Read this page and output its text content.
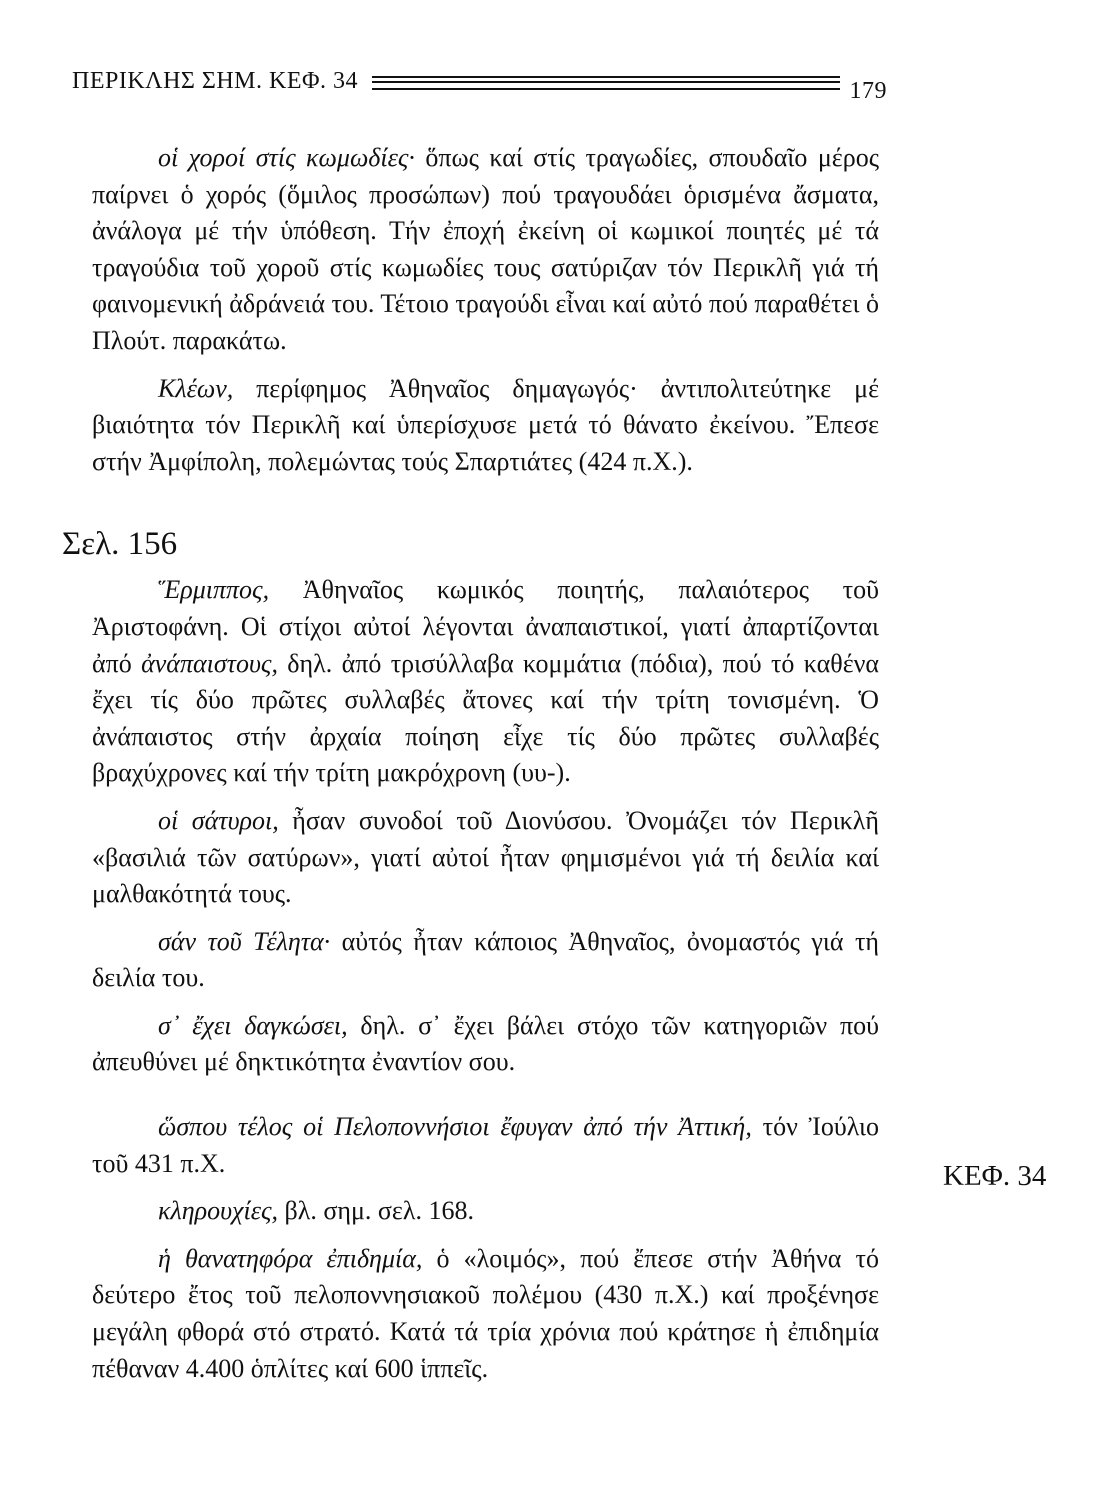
ΠΕΡΙΚΛΗΣ ΣΗΜ. ΚΕΦ. 34	179

οἱ χοροί στίς κωμωδίες· ὅπως καί στίς τραγωδίες, σπουδαῖο μέρος παίρνει ὁ χορός (ὅμιλος προσώπων) πού τραγουδάει ὁρισμένα ἄσματα, ἀνάλογα μέ τήν ὑπόθεση. Τήν ἐποχή ἐκείνη οἱ κωμικοί ποιητές μέ τά τραγούδια τοῦ χοροῦ στίς κωμωδίες τους σατύριζαν τόν Περικλῆ γιά τή φαινομενική ἀδράνειά του. Τέτοιο τραγούδι εἶναι καί αὐτό πού παραθέτει ὁ Πλούτ. παρακάτω.

Κλέων, περίφημος Ἀθηναῖος δημαγωγός· ἀντιπολιτεύτηκε μέ βιαιότητα τόν Περικλῆ καί ὑπερίσχυσε μετά τό θάνατο ἐκείνου. Ἔπεσε στήν Ἀμφίπολη, πολεμώντας τούς Σπαρτιάτες (424 π.Χ.).

Σελ. 156

Ἕρμιππος, Ἀθηναῖος κωμικός ποιητής, παλαιότερος τοῦ Ἀριστοφάνη. Οἱ στίχοι αὐτοί λέγονται ἀναπαιστικοί, γιατί ἀπαρτίζονται ἀπό ἀνάπαιστους, δηλ. ἀπό τρισύλλαβα κομμάτια (πόδια), πού τό καθένα ἔχει τίς δύο πρῶτες συλλαβές ἄτονες καί τήν τρίτη τονισμένη. Ὁ ἀνάπαιστος στήν ἀρχαία ποίηση εἶχε τίς δύο πρῶτες συλλαβές βραχύχρονες καί τήν τρίτη μακρόχρονη (υυ-).

οἱ σάτυροι, ἦσαν συνοδοί τοῦ Διονύσου. Ὀνομάζει τόν Περικλῆ «βασιλιά τῶν σατύρων», γιατί αὐτοί ἦταν φημισμένοι γιά τή δειλία καί μαλθακότητά τους.

σάν τοῦ Τέλητα· αὐτός ἦταν κάποιος Ἀθηναῖος, ὀνομαστός γιά τή δειλία του.

σ᾽ ἔχει δαγκώσει, δηλ. σ᾽ ἔχει βάλει στόχο τῶν κατηγοριῶν πού ἀπευθύνει μέ δηκτικότητα ἐναντίον σου.

ὥσπου τέλος οἱ Πελοποννήσιοι ἔφυγαν ἀπό τήν Ἀττική, τόν Ἰούλιο τοῦ 431 π.Χ.

κληρουχίες, βλ. σημ. σελ. 168.

ἡ θανατηφόρα ἐπιδημία, ὁ «λοιμός», πού ἔπεσε στήν Ἀθήνα τό δεύτερο ἔτος τοῦ πελοποννησιακοῦ πολέμου (430 π.Χ.) καί προξένησε μεγάλη φθορά στό στρατό. Κατά τά τρία χρόνια πού κράτησε ἡ ἐπιδημία πέθαναν 4.400 ὁπλίτες καί 600 ἱππεῖς.

ΚΕΦ. 34
